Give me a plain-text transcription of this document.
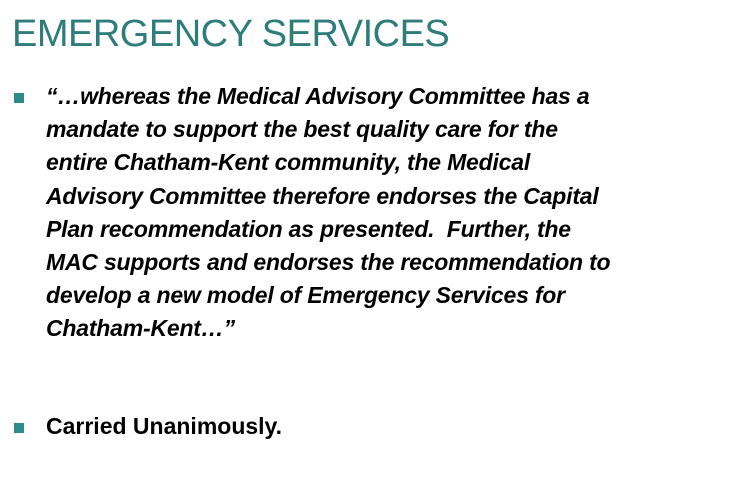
EMERGENCY SERVICES
“…whereas the Medical Advisory Committee has a
mandate to support the best quality care for the
entire Chatham-Kent community, the Medical
Advisory Committee therefore endorses the Capital
Plan recommendation as presented.  Further, the
MAC supports and endorses the recommendation to
develop a new model of Emergency Services for
Chatham-Kent…”
Carried Unanimously.
